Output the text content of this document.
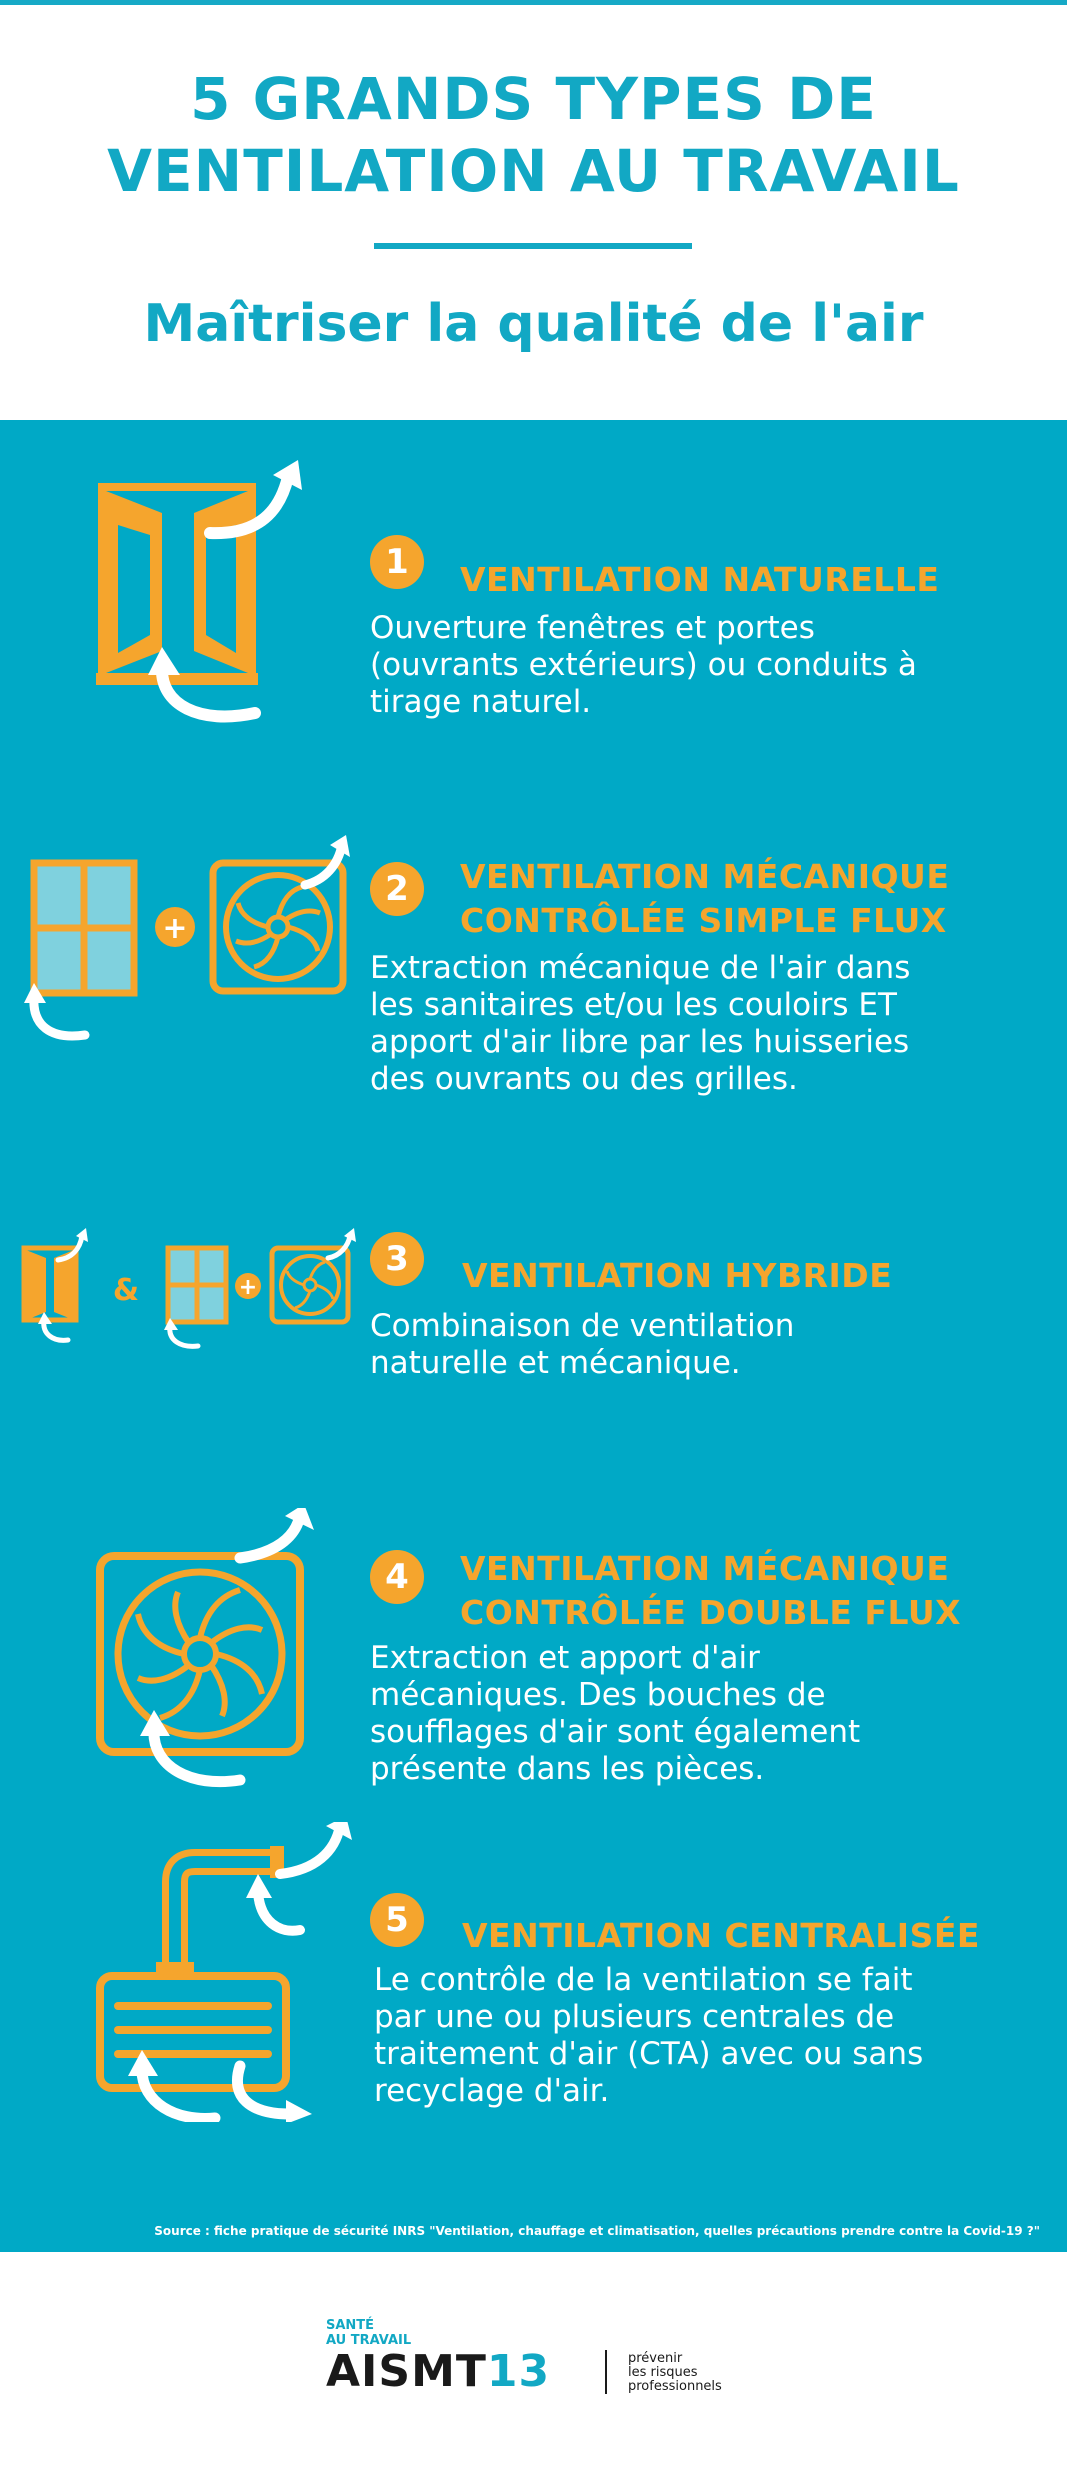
5 GRANDS TYPES DE
VENTILATION AU TRAVAIL
Maîtriser la qualité de l'air
1	VENTILATION NATURELLE
Ouverture fenêtres et portes
(ouvrants extérieurs) ou conduits à
tirage naturel.
+
2	VENTILATION MÉCANIQUE
CONTRÔLÉE SIMPLE FLUX
Extraction mécanique de l'air dans
les sanitaires et/ou les couloirs ET
apport d'air libre par les huisseries
des ouvrants ou des grilles.
&	+
3	VENTILATION HYBRIDE
Combinaison de ventilation
naturelle et mécanique.
4	VENTILATION MÉCANIQUE
CONTRÔLÉE DOUBLE FLUX
Extraction et apport d'air
mécaniques. Des bouches de
soufflages d'air sont également
présente dans les pièces.
5	VENTILATION CENTRALISÉE
Le contrôle de la ventilation se fait
par une ou plusieurs centrales de
traitement d'air (CTA) avec ou sans
recyclage d'air.
Source : fiche pratique de sécurité INRS "Ventilation, chauffage et climatisation, quelles précautions prendre contre la Covid-19 ?"
SANTÉ
AU TRAVAIL
AISMT13	prévenir
les risques
professionnels
